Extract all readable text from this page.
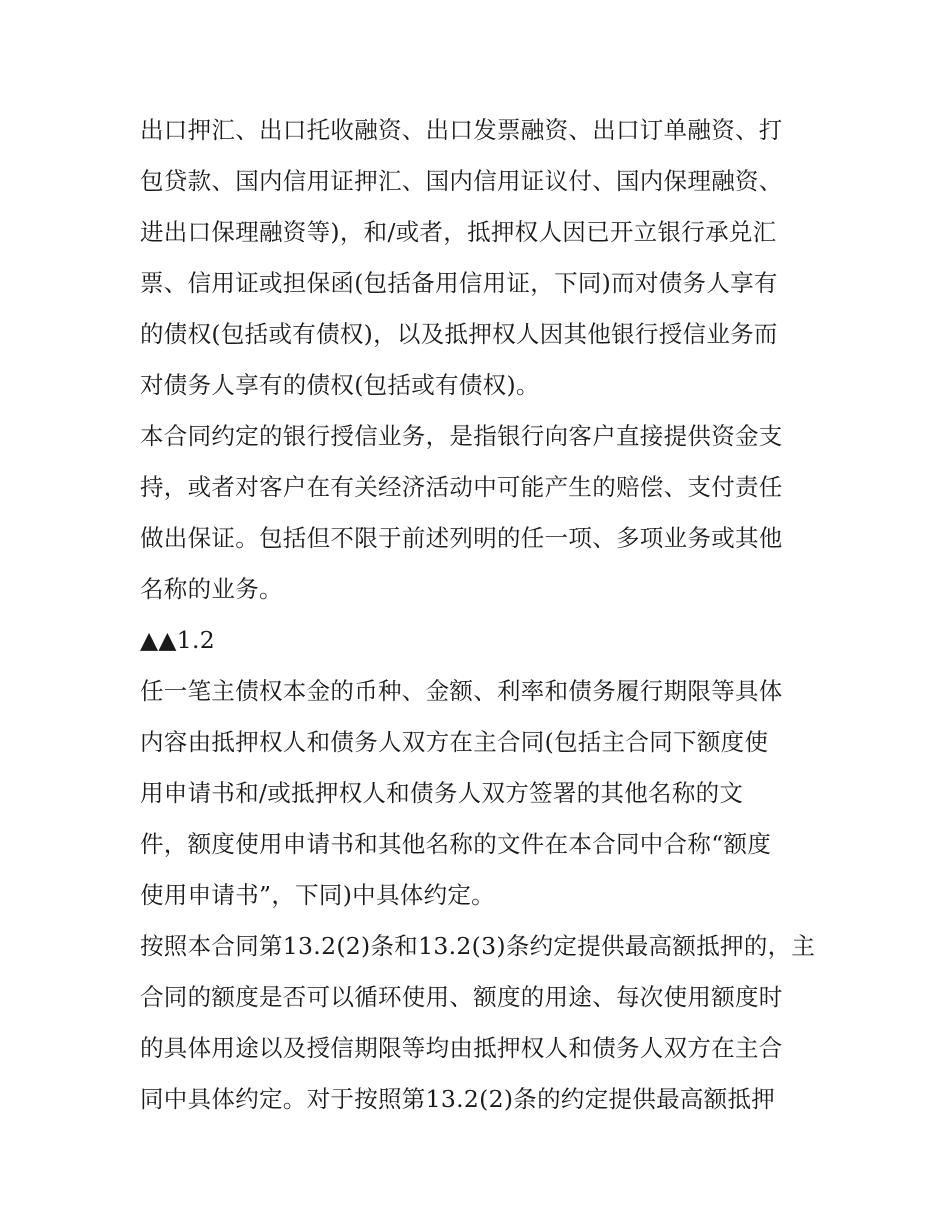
出口押汇、出口托收融资、出口发票融资、出口订单融资、打
包贷款、国内信用证押汇、国内信用证议付、国内保理融资、
进出口保理融资等)，和/或者，抵押权人因已开立银行承兑汇
票、信用证或担保函(包括备用信用证，下同)而对债务人享有
的债权(包括或有债权)，以及抵押权人因其他银行授信业务而
对债务人享有的债权(包括或有债权)。
本合同约定的银行授信业务，是指银行向客户直接提供资金支
持，或者对客户在有关经济活动中可能产生的赔偿、支付责任
做出保证。包括但不限于前述列明的任一项、多项业务或其他
名称的业务。
▲▲1.2
任一笔主债权本金的币种、金额、利率和债务履行期限等具体
内容由抵押权人和债务人双方在主合同(包括主合同下额度使
用申请书和/或抵押权人和债务人双方签署的其他名称的文
件，额度使用申请书和其他名称的文件在本合同中合称“额度
使用申请书”，下同)中具体约定。
按照本合同第13.2(2)条和13.2(3)条约定提供最高额抵押的，主
合同的额度是否可以循环使用、额度的用途、每次使用额度时
的具体用途以及授信期限等均由抵押权人和债务人双方在主合
同中具体约定。对于按照第13.2(2)条的约定提供最高额抵押
